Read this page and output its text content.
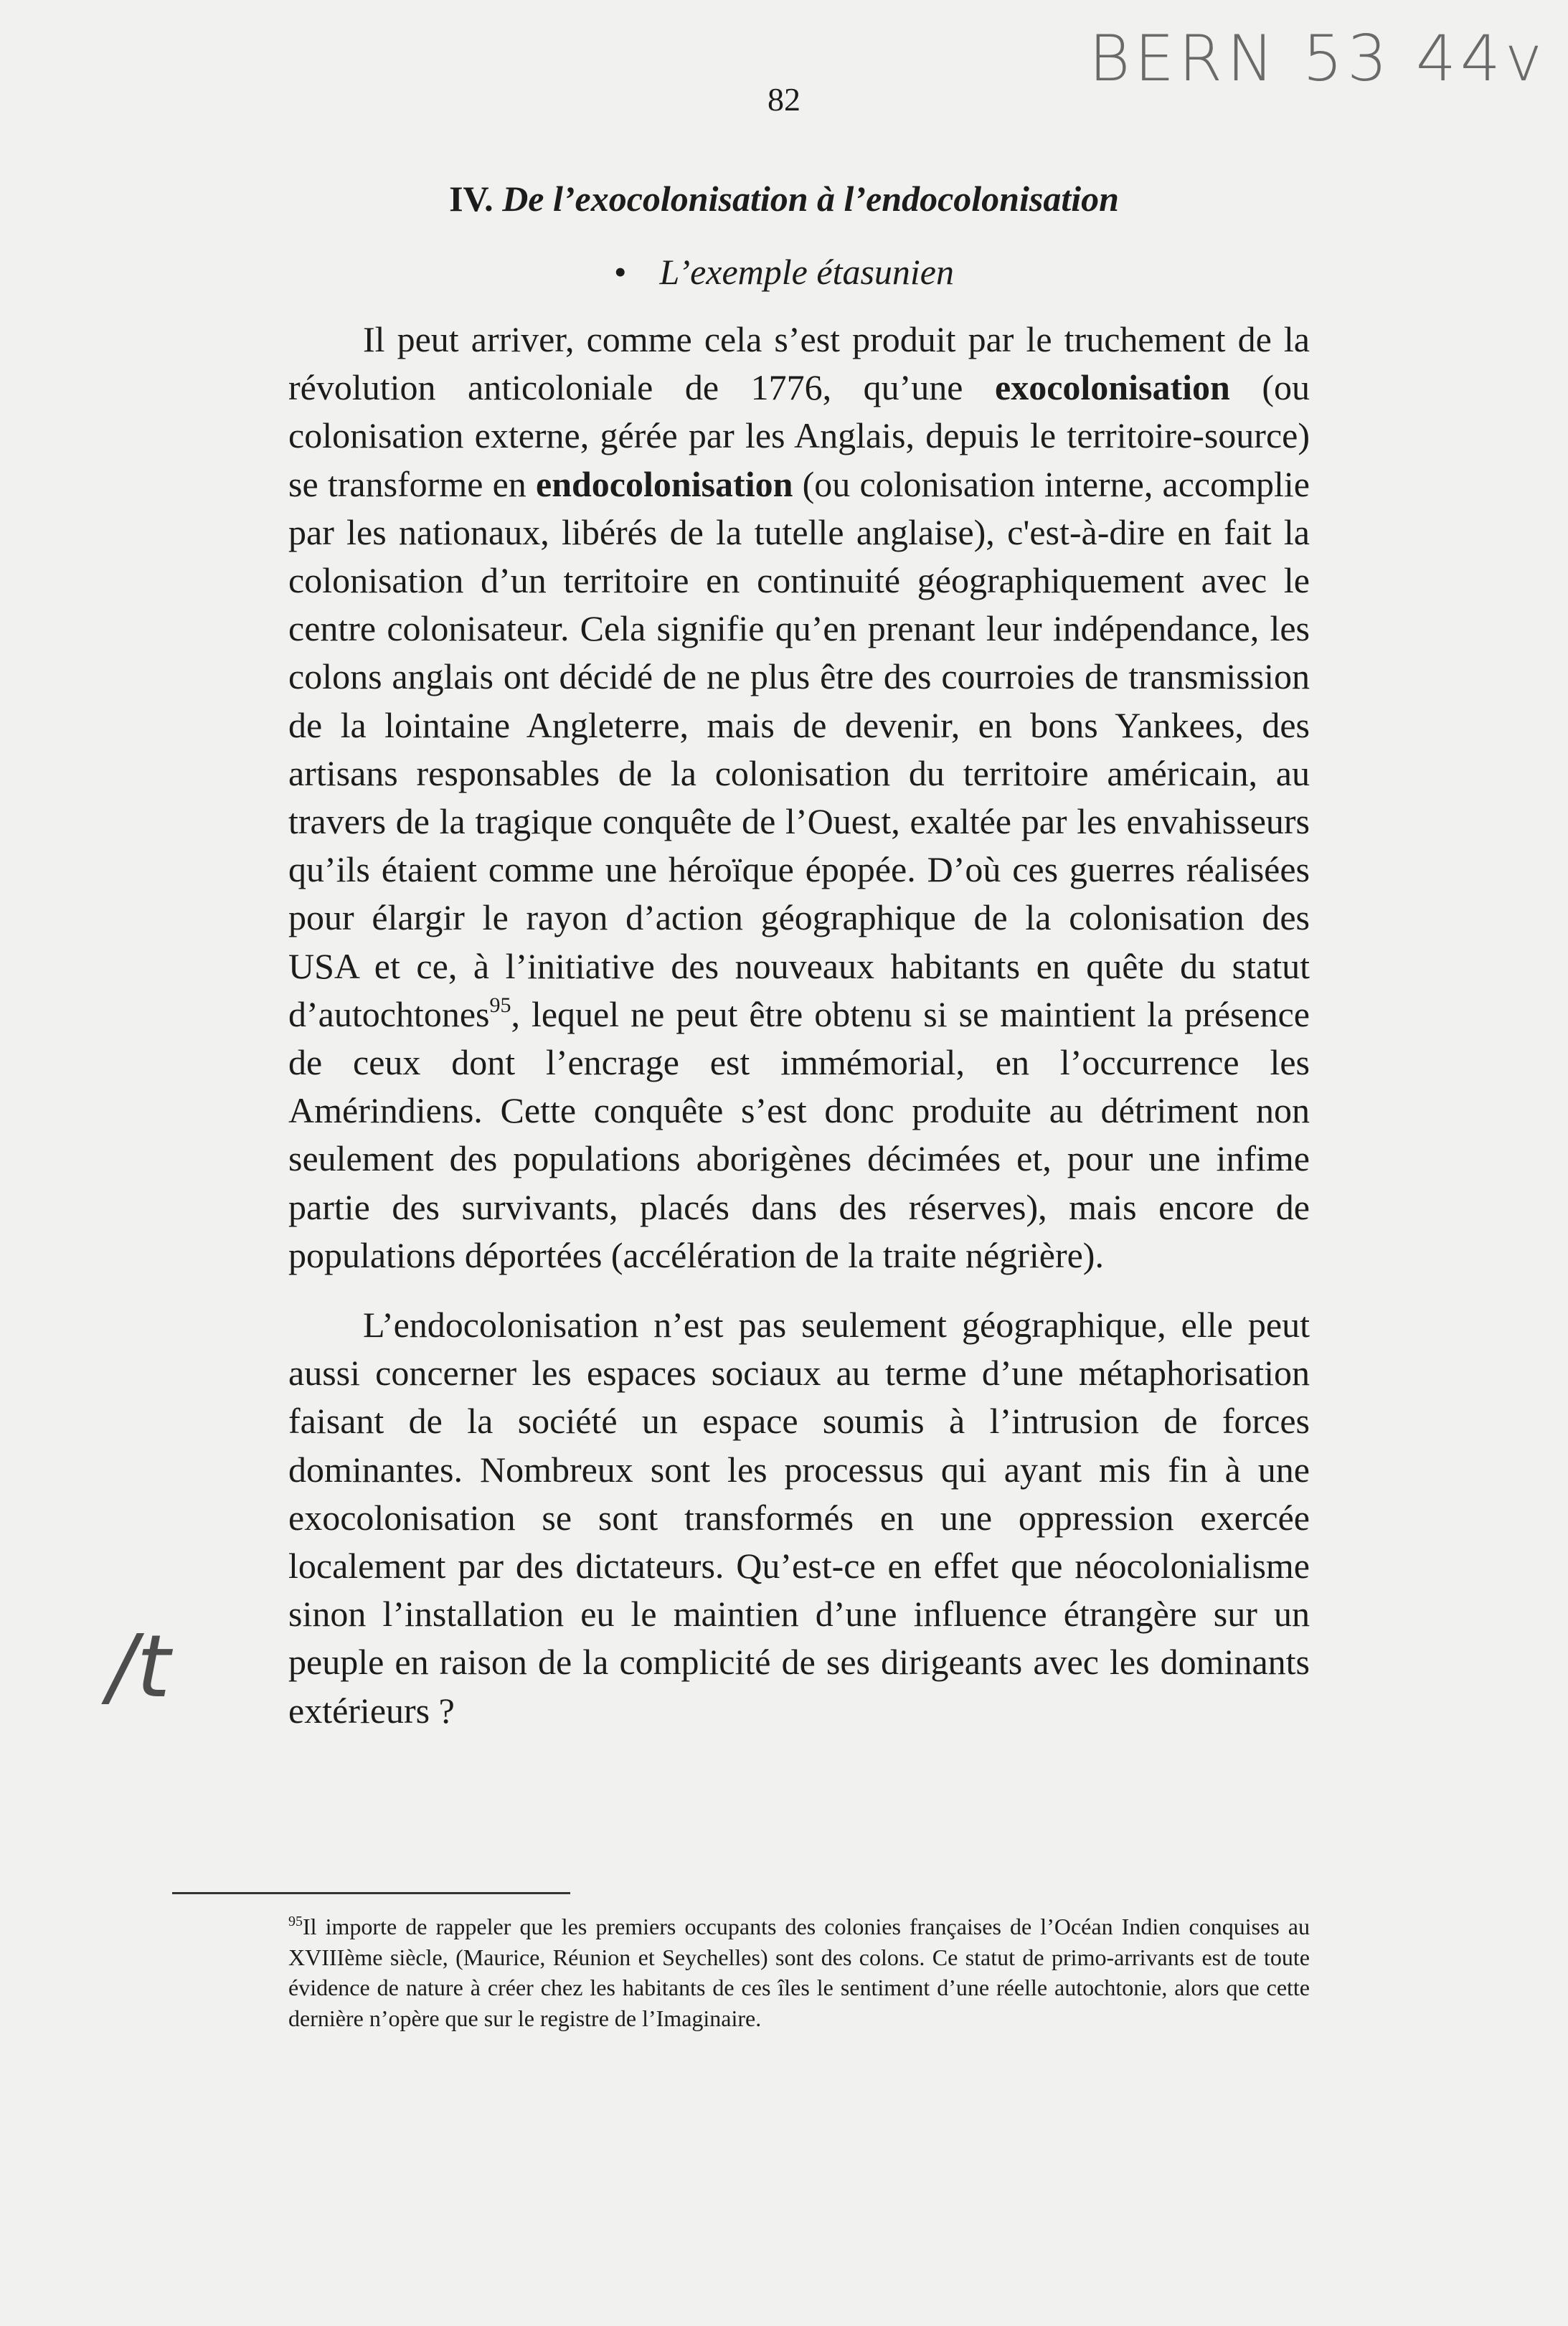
BERN 53 44v
82
IV. De l’exocolonisation à l’endocolonisation
• L’exemple étasunien

Il peut arriver, comme cela s’est produit par le truchement de la révolution anticoloniale de 1776, qu’une exocolonisation (ou colonisation externe, gérée par les Anglais, depuis le territoire-source) se transforme en endocolonisation (ou colonisation interne, accomplie par les nationaux, libérés de la tutelle anglaise), c'est-à-dire en fait la colonisation d’un territoire en continuité géographiquement avec le centre colonisateur. Cela signifie qu’en prenant leur indépendance, les colons anglais ont décidé de ne plus être des courroies de transmission de la lointaine Angleterre, mais de devenir, en bons Yankees, des artisans responsables de la colonisation du territoire américain, au travers de la tragique conquête de l’Ouest, exaltée par les envahisseurs qu’ils étaient comme une héroïque épopée. D’où ces guerres réalisées pour élargir le rayon d’action géographique de la colonisation des USA et ce, à l’initiative des nouveaux habitants en quête du statut d’autochtones$^{95}$, lequel ne peut être obtenu si se maintient la présence de ceux dont l’encrage est immémorial, en l’occurrence les Amérindiens. Cette conquête s’est donc produite au détriment non seulement des populations aborigènes décimées et, pour une infime partie des survivants, placés dans des réserves), mais encore de populations déportées (accélération de la traite négrière).

L’endocolonisation n’est pas seulement géographique, elle peut aussi concerner les espaces sociaux au terme d’une métaphorisation faisant de la société un espace soumis à l’intrusion de forces dominantes. Nombreux sont les processus qui ayant mis fin à une exocolonisation se sont transformés en une oppression exercée localement par des dictateurs. Qu’est-ce en effet que néocolonialisme sinon l’installation eu le maintien d’une influence étrangère sur un peuple en raison de la complicité de ses dirigeants avec les dominants extérieurs ?

/t
$^{95}$Il importe de rappeler que les premiers occupants des colonies françaises de l’Océan Indien conquises au XVIIIème siècle, (Maurice, Réunion et Seychelles) sont des colons. Ce statut de primo-arrivants est de toute évidence de nature à créer chez les habitants de ces îles le sentiment d’une réelle autochtonie, alors que cette dernière n’opère que sur le registre de l’Imaginaire.
